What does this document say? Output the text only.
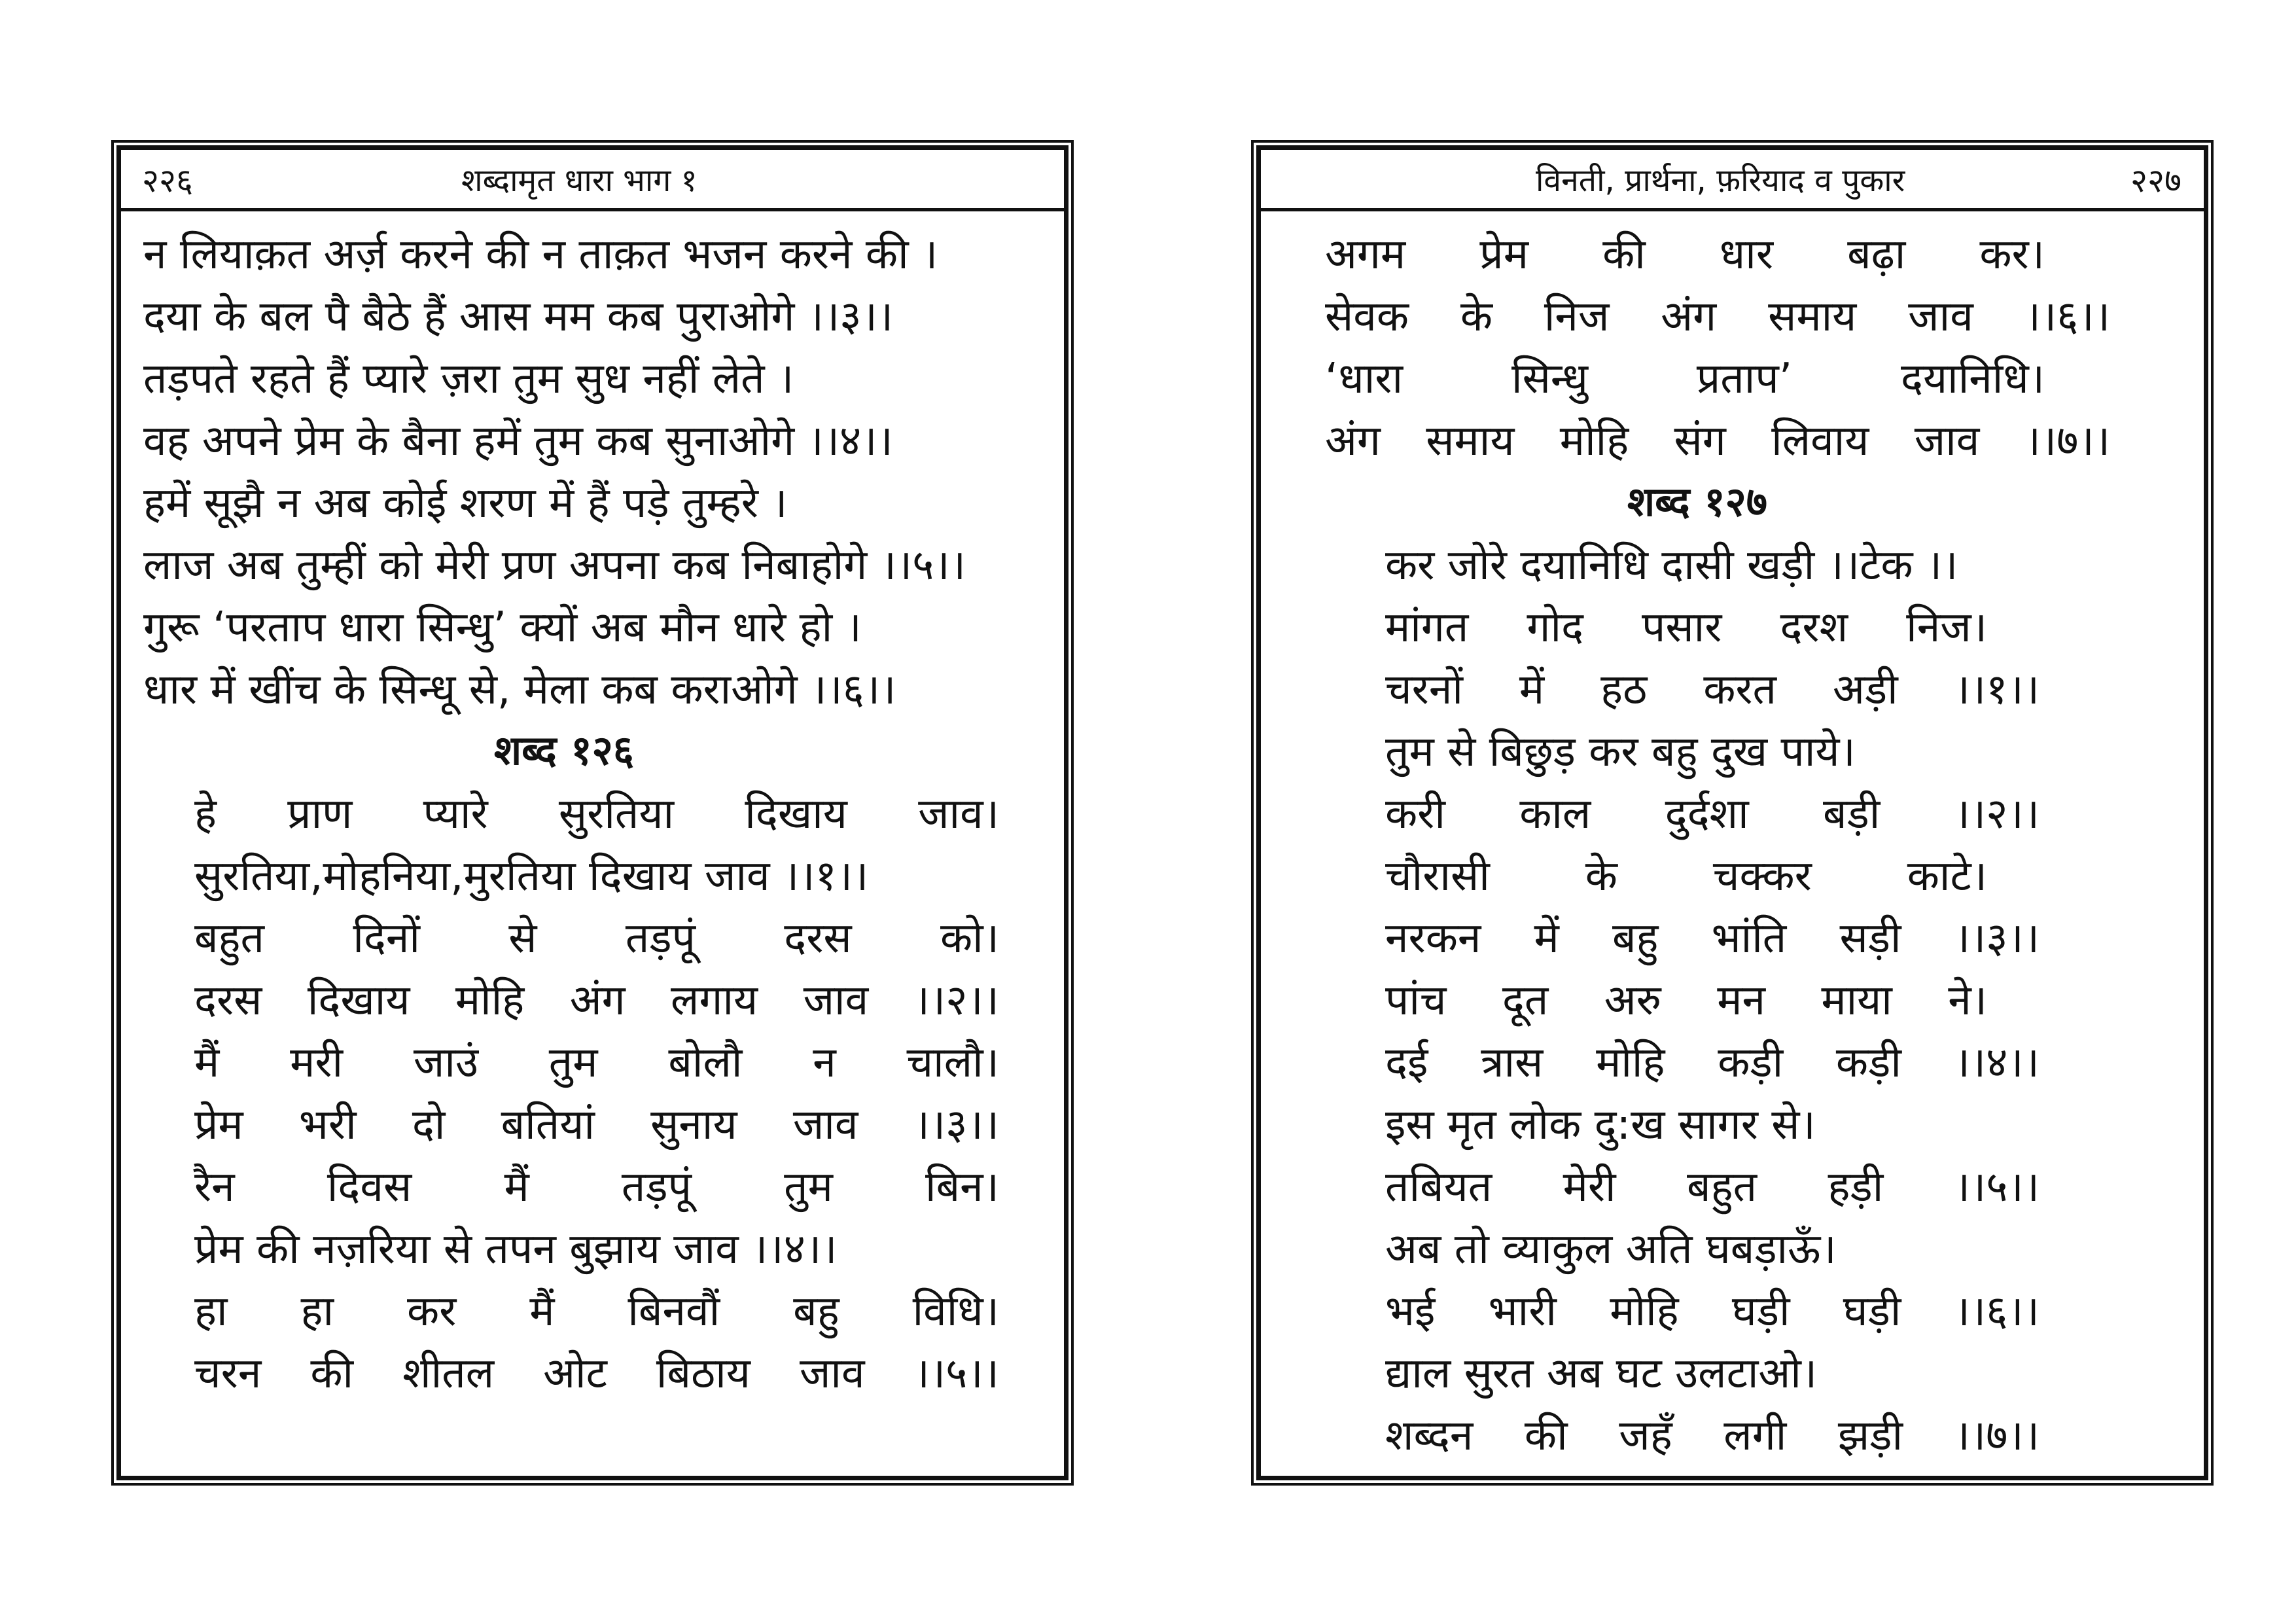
२२६	शब्दामृत धारा भाग १
न लियाक़त अर्ज़ करने की न ताक़त भजन करने की ।
दया के बल पै बैठे हैं आस मम कब पुराओगे ।।३।।
तड़पते रहते हैं प्यारे ज़रा तुम सुध नहीं लेते ।
वह अपने प्रेम के बैना हमें तुम कब सुनाओगे ।।४।।
हमें सूझै न अब कोई शरण में हैं पड़े तुम्हरे ।
लाज अब तुम्हीं को मेरी प्रण अपना कब निबाहोगे ।।५।।
गुरू ‘परताप धारा सिन्धु’ क्यों अब मौन धारे हो ।
धार में खींच के सिन्धू से, मेला कब कराओगे ।।६।।
शब्द १२६
हे प्राण प्यारे सुरतिया दिखाय जाव।
सुरतिया,मोहनिया,मुरतिया दिखाय जाव ।।१।।
बहुत दिनों से तड़पूं दरस को।
दरस दिखाय मोहि अंग लगाय जाव ।।२।।
मैं मरी जाउं तुम बोलौ न चालौ।
प्रेम भरी दो बतियां सुनाय जाव ।।३।।
रैन दिवस मैं तड़पूं तुम बिन।
प्रेम की नज़रिया से तपन बुझाय जाव ।।४।।
हा हा कर मैं बिनवौं बहु विधि।
चरन की शीतल ओट बिठाय जाव ।।५।।
विनती, प्रार्थना, फ़रियाद व पुकार	२२७
अगम प्रेम की धार बढ़ा कर।
सेवक के निज अंग समाय जाव ।।६।।
‘धारा	सिन्धु	प्रताप’	दयानिधि।
अंग समाय मोहि संग लिवाय जाव ।।७।।
शब्द १२७
कर जोरे दयानिधि दासी खड़ी ।।टेक ।।
मांगत गोद पसार दरश निज।
चरनों में हठ करत अड़ी ।।१।।
तुम से बिछुड़ कर बहु दुख पाये।
करी काल दुर्दशा बड़ी ।।२।।
चौरासी के चक्कर काटे।
नरकन में बहु भांति सड़ी ।।३।।
पांच दूत अरु मन माया ने।
दई त्रास मोहि कड़ी कड़ी ।।४।।
इस मृत लोक दु:ख सागर से।
तबियत मेरी बहुत हड़ी ।।५।।
अब तो व्याकुल अति घबड़ाऊँ।
भई भारी मोहि घड़ी घड़ी ।।६।।
द्याल सुरत अब घट उलटाओ।
शब्दन की जहँ लगी झड़ी ।।७।।
